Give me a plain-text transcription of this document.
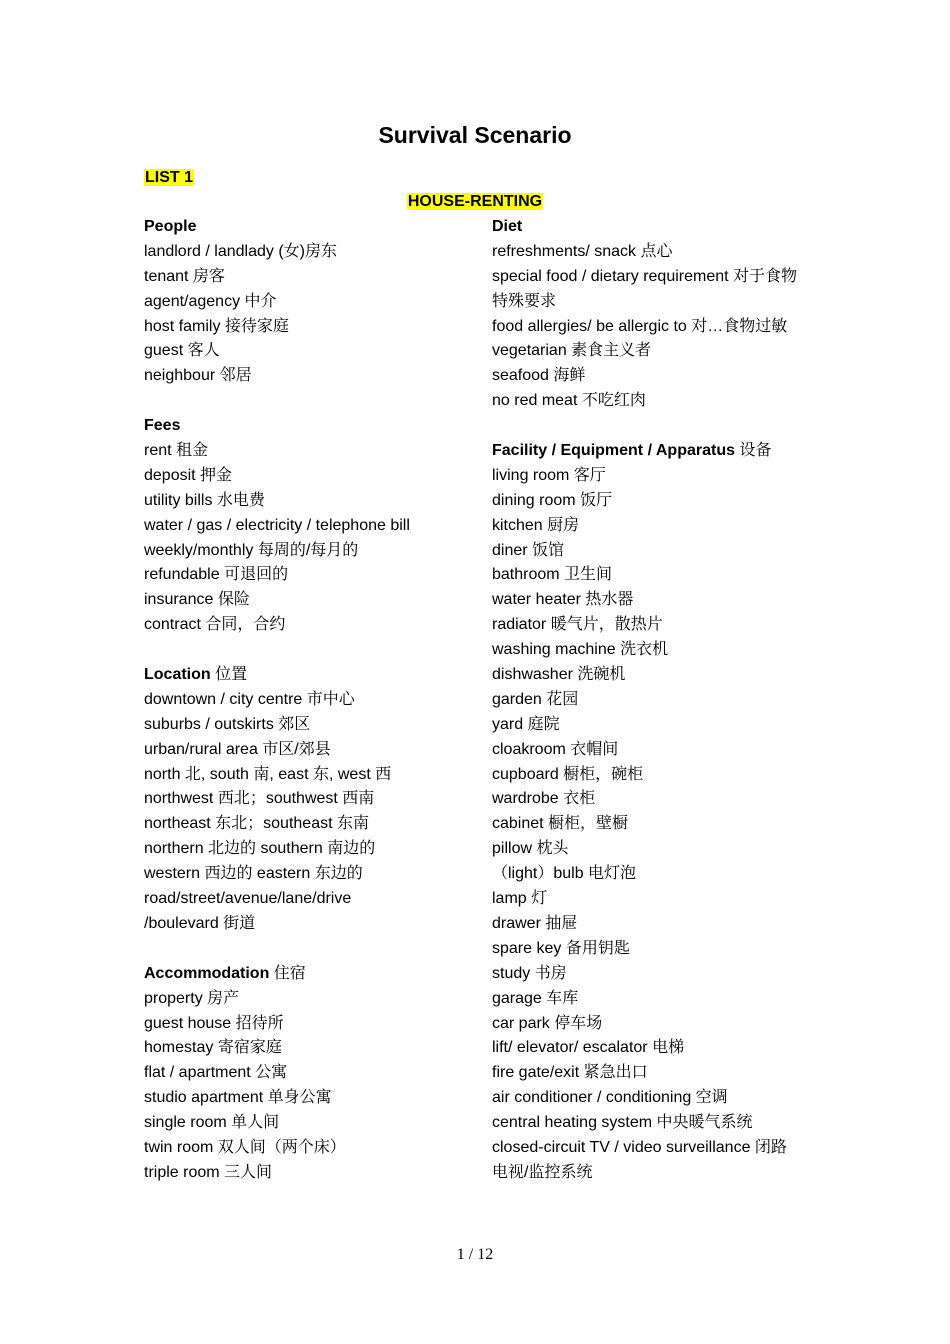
Survival Scenario
LIST 1
HOUSE-RENTING
People
landlord / landlady (女)房东
tenant 房客
agent/agency 中介
host family 接待家庭
guest 客人
neighbour 邻居
Fees
rent 租金
deposit 押金
utility bills 水电费
water / gas / electricity / telephone bill
weekly/monthly 每周的/每月的
refundable 可退回的
insurance 保险
contract 合同，合约
Location 位置
downtown / city centre 市中心
suburbs / outskirts 郊区
urban/rural area 市区/郊县
north 北, south 南, east 东, west 西
northwest 西北；southwest 西南
northeast 东北；southeast 东南
northern 北边的 southern 南边的
western 西边的 eastern 东边的
road/street/avenue/lane/drive
/boulevard 街道
Accommodation 住宿
property 房产
guest house 招待所
homestay 寄宿家庭
flat / apartment 公寓
studio apartment 单身公寓
single room 单人间
twin room 双人间（两个床）
triple room 三人间
Diet
refreshments/ snack 点心
special food / dietary requirement 对于食物
特殊要求
food allergies/ be allergic to 对…食物过敏
vegetarian 素食主义者
seafood 海鲜
no red meat 不吃红肉
Facility / Equipment / Apparatus 设备
living room 客厅
dining room 饭厅
kitchen 厨房
diner 饭馆
bathroom 卫生间
water heater 热水器
radiator 暖气片，散热片
washing machine 洗衣机
dishwasher 洗碗机
garden 花园
yard 庭院
cloakroom 衣帽间
cupboard 橱柜，碗柜
wardrobe 衣柜
cabinet 橱柜，壁橱
pillow 枕头
（light）bulb 电灯泡
lamp 灯
drawer 抽屉
spare key 备用钥匙
study 书房
garage 车库
car park 停车场
lift/ elevator/ escalator 电梯
fire gate/exit 紧急出口
air conditioner / conditioning 空调
central heating system 中央暖气系统
closed-circuit TV / video surveillance 闭路
电视/监控系统
1 / 12
